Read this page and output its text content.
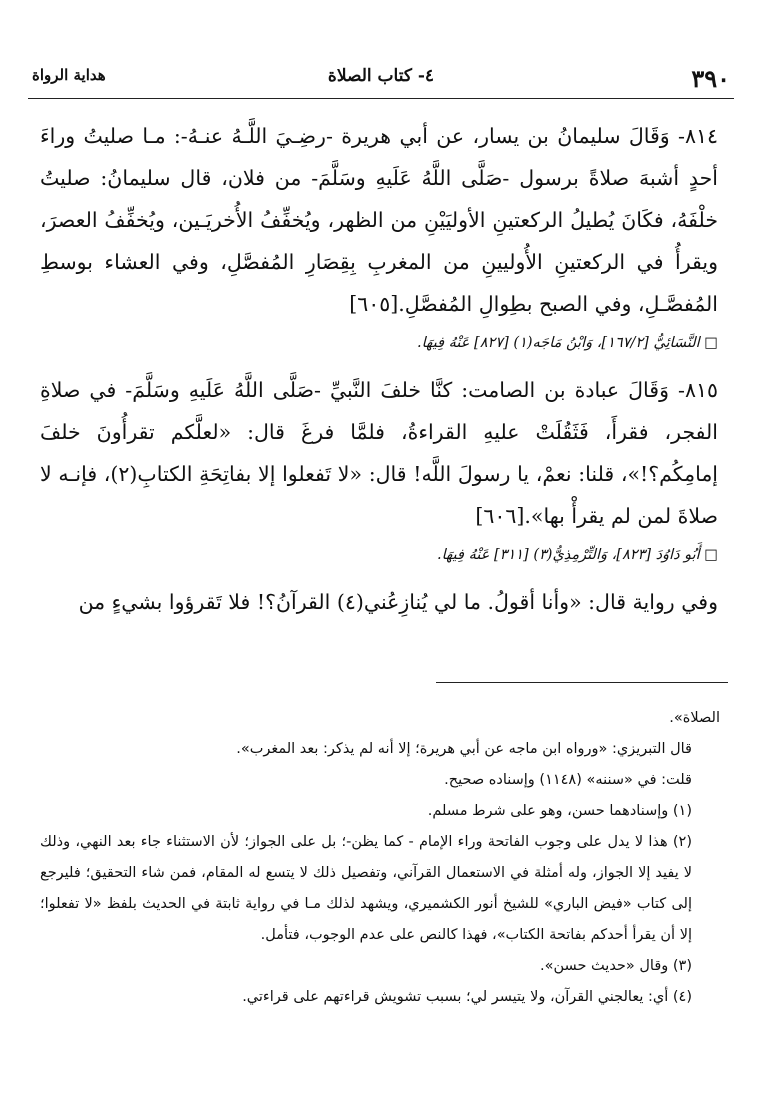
٣٩٠
٤- كتاب الصلاة
هداية الرواة

٨١٤- وَقَالَ سليمانُ بن يسار، عن أبي هريرة -رضِـيَ اللَّـهُ عنـهُ-: مـا صليتُ وراءَ أحدٍ أشبهَ صلاةً برسول -صَلَّى اللَّهُ عَلَيهِ وسَلَّمَ- من فلان، قال سليمانُ: صليتُ خلْفَهُ، فكَانَ يُطيلُ الركعتينِ الأوليَيْنِ من الظهر، ويُخفِّفُ الأُخريَـين، ويُخفِّفُ العصرَ، ويقرأُ في الركعتينِ الأُوليينِ من المغربِ بِقِصَارِ المُفصَّلِ، وفي العشاء بوسطِ المُفصَّـلِ، وفي الصبح بطِوالِ المُفصَّلِ.[٦٠٥]

□ النَّسَائِيُّ [١٦٧/٢]، وَابْنُ مَاجَه(١) [٨٢٧] عَنْهُ فِيهَا.

٨١٥- وَقَالَ عبادة بن الصامت: كنَّا خلفَ النَّبيِّ -صَلَّى اللَّهُ عَلَيهِ وسَلَّمَ- في صلاةِ الفجر، فقرأَ، فَثَقُلَتْ عليهِ القراءةُ، فلمَّا فرغَ قال: «لعلَّكم تقرأُونَ خلفَ إمامِكُم؟!»، قلنا: نعمْ، يا رسولَ اللَّه! قال: «لا تَفعلوا إلا بفاتِحَةِ الكتابِ(٢)، فإنـه لا صلاةَ لمن لم يقرأْ بها».[٦٠٦]

□ أَبُو دَاوُدَ [٨٢٣]، وَالتِّرْمِذِيُّ(٣) [٣١١] عَنْهُ فِيهَا.

وفي رواية قال: «وأنا أقولُ. ما لي يُنازِعُني(٤) القرآنُ؟! فلا تَقرؤوا بشيءٍ من

الصلاة».

قال التبريزي: «ورواه ابن ماجه عن أبي هريرة؛ إلا أنه لم يذكر: بعد المغرب».

قلت: في «سننه» (١١٤٨) وإسناده صحيح.

(١) وإسنادهما حسن، وهو على شرط مسلم.

(٢) هذا لا يدل على وجوب الفاتحة وراء الإمام - كما يظن-؛ بل على الجواز؛ لأن الاستثناء جاء بعد النهي، وذلك لا يفيد إلا الجواز، وله أمثلة في الاستعمال القرآني، وتفصيل ذلك لا يتسع له المقام، فمن شاء التحقيق؛ فليرجع إلى كتاب «فيض الباري» للشيخ أنور الكشميري، ويشهد لذلك مـا في رواية ثابتة في الحديث بلفظ «لا تفعلوا؛ إلا أن يقرأ أحدكم بفاتحة الكتاب»، فهذا كالنص على عدم الوجوب، فتأمل.

(٣) وقال «حديث حسن».

(٤) أي: يعالجني القرآن، ولا يتيسر لي؛ بسبب تشويش قراءتهم على قراءتي.
